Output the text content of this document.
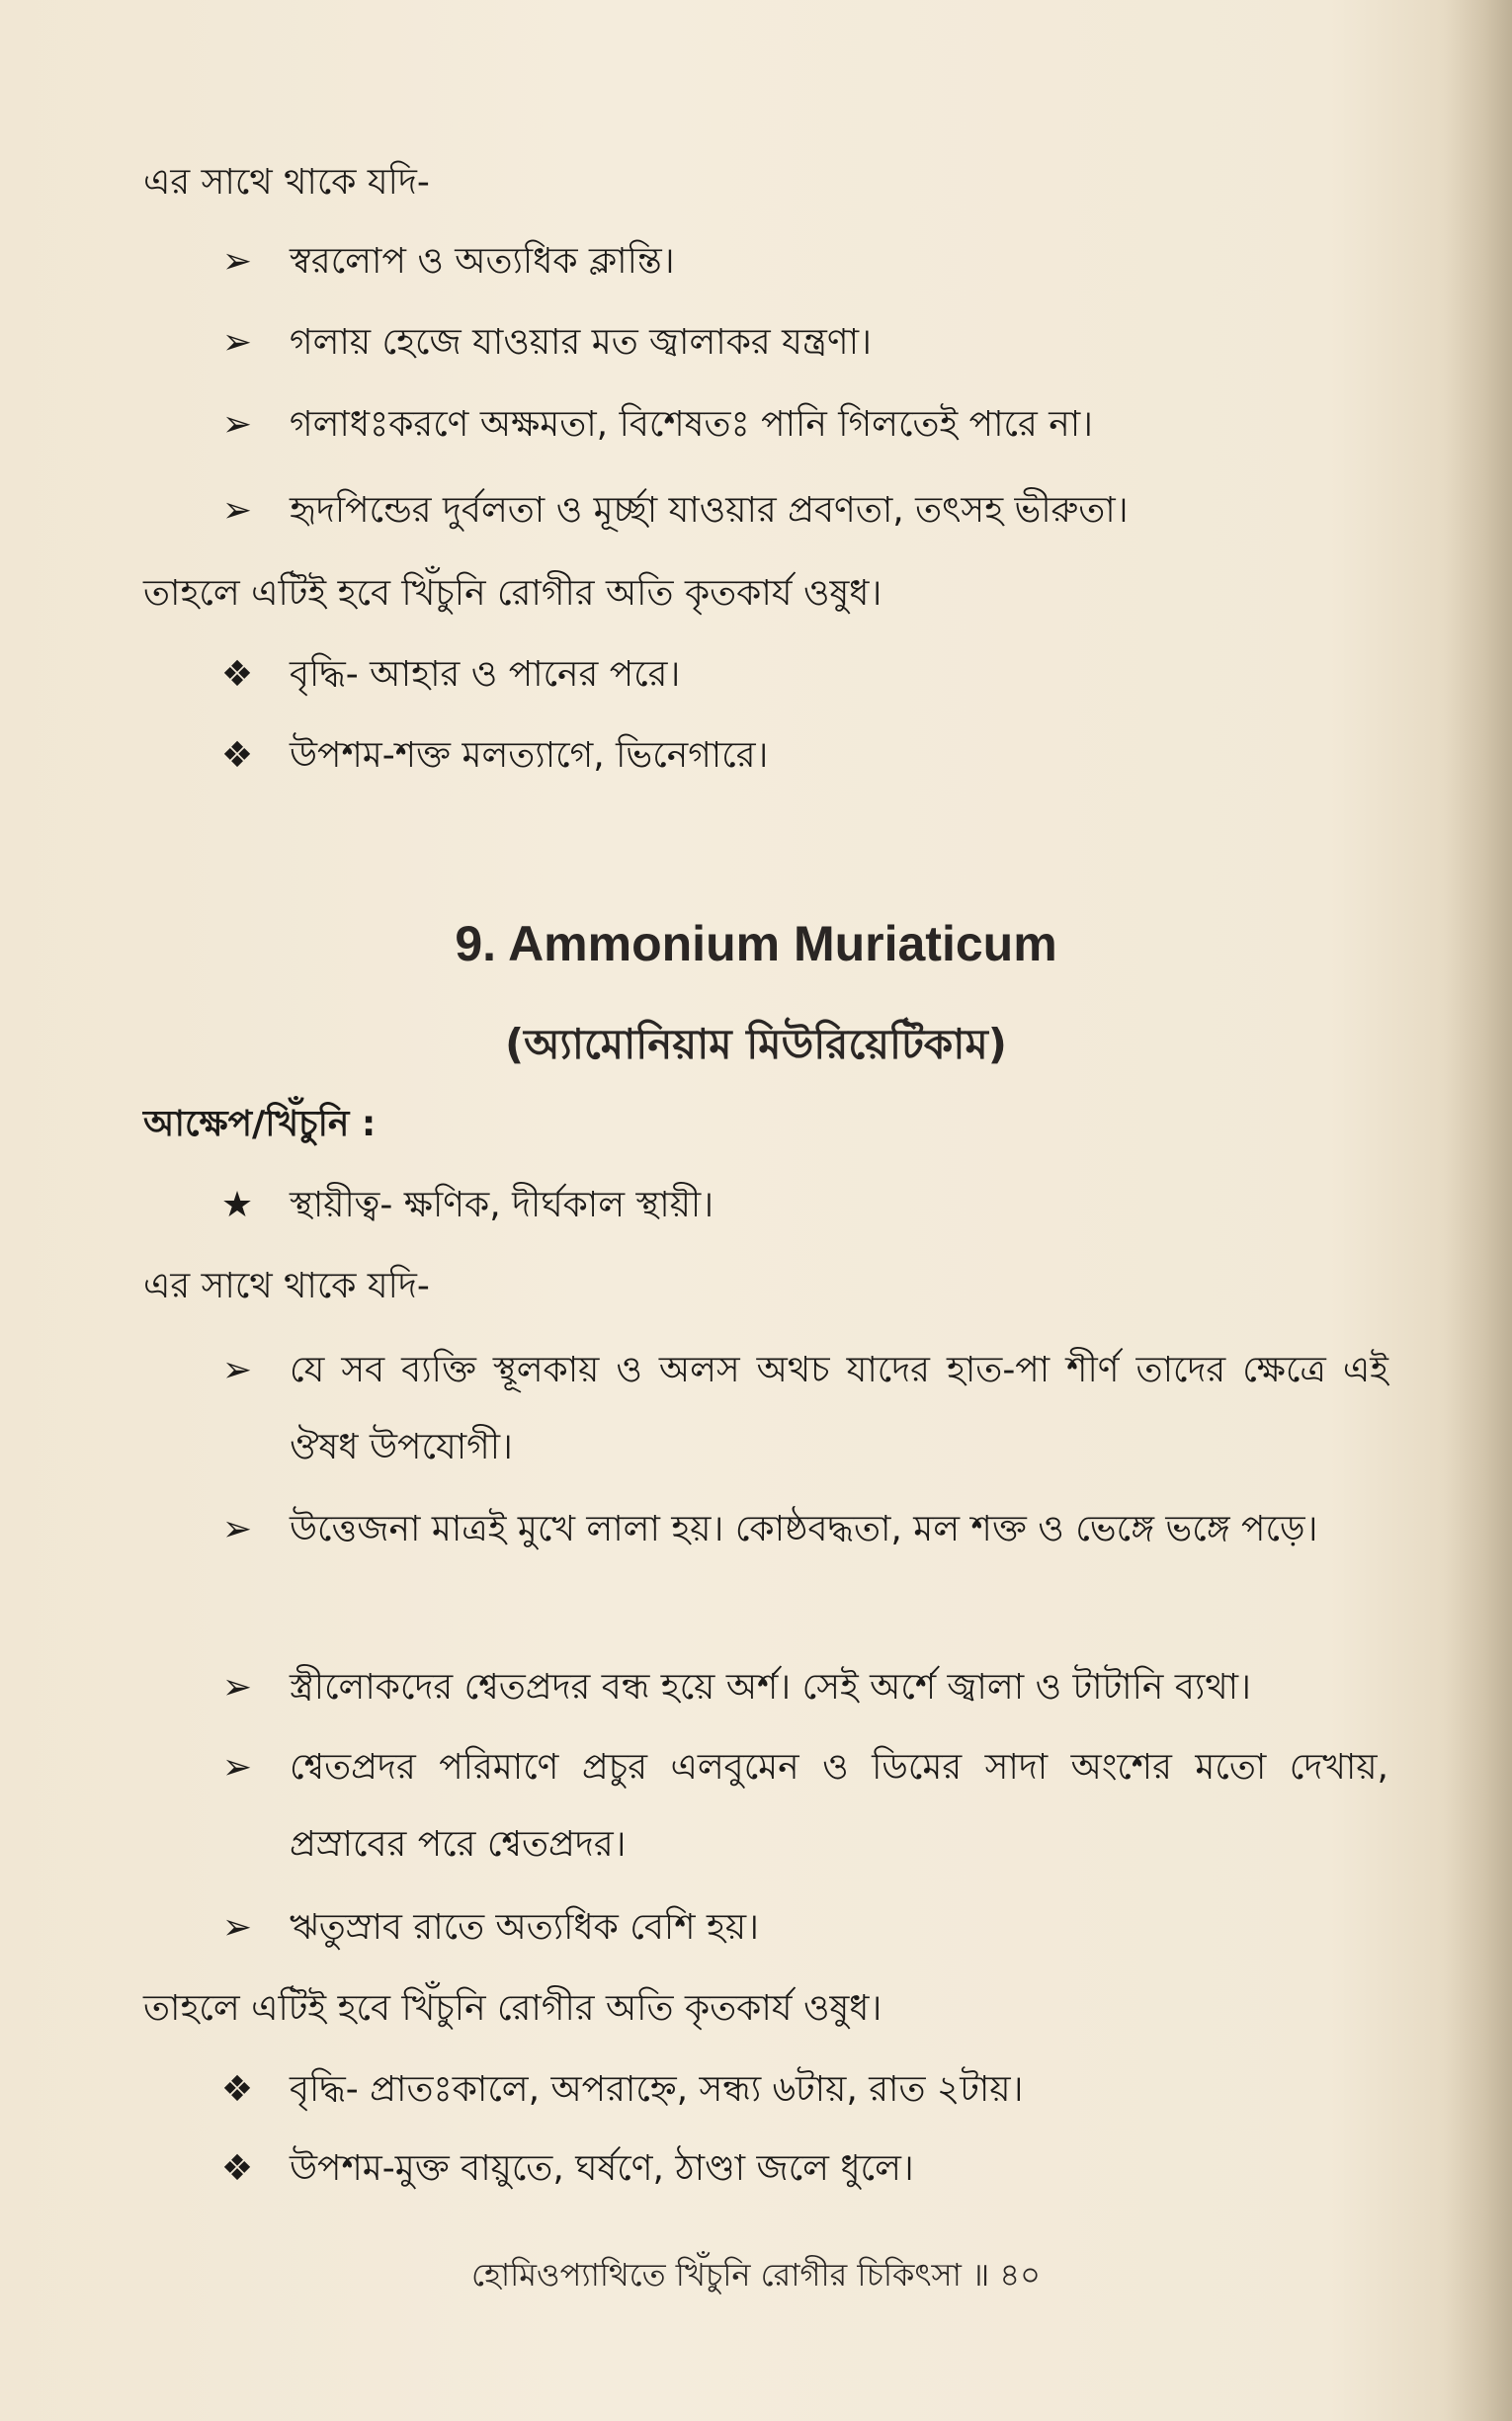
এর সাথে থাকে যদি-
➢ স্বরলোপ ও অত্যধিক ক্লান্তি।
➢ গলায় হেজে যাওয়ার মত জ্বালাকর যন্ত্রণা।
➢ গলাধঃকরণে অক্ষমতা, বিশেষতঃ পানি গিলতেই পারে না।
➢ হৃদপিন্ডের দুর্বলতা ও মূর্চ্ছা যাওয়ার প্রবণতা, তৎসহ ভীরুতা।
তাহলে এটিই হবে খিঁচুনি রোগীর অতি কৃতকার্য ওষুধ।
❖ বৃদ্ধি- আহার ও পানের পরে।
❖ উপশম-শক্ত মলত্যাগে, ভিনেগারে।
9. Ammonium Muriaticum
(অ্যামোনিয়াম মিউরিয়েটিকাম)
আক্ষেপ/খিঁচুনি :
★ স্থায়ীত্ব- ক্ষণিক, দীর্ঘকাল স্থায়ী।
এর সাথে থাকে যদি-
➢ যে সব ব্যক্তি স্থূলকায় ও অলস অথচ যাদের হাত-পা শীর্ণ তাদের ক্ষেত্রে এই ঔষধ উপযোগী।
➢ উত্তেজনা মাত্রই মুখে লালা হয়। কোষ্ঠবদ্ধতা, মল শক্ত ও ভেঙ্গে ভঙ্গে পড়ে।
➢ স্ত্রীলোকদের শ্বেতপ্রদর বন্ধ হয়ে অর্শ। সেই অর্শে জ্বালা ও টাটানি ব্যথা।
➢ শ্বেতপ্রদর পরিমাণে প্রচুর এলবুমেন ও ডিমের সাদা অংশের মতো দেখায়, প্রস্রাবের পরে শ্বেতপ্রদর।
➢ ঋতুস্রাব রাতে অত্যধিক বেশি হয়।
তাহলে এটিই হবে খিঁচুনি রোগীর অতি কৃতকার্য ওষুধ।
❖ বৃদ্ধি- প্রাতঃকালে, অপরাহ্নে, সন্ধ্য ৬টায়, রাত ২টায়।
❖ উপশম-মুক্ত বায়ুতে, ঘর্ষণে, ঠাণ্ডা জলে ধুলে।
হোমিওপ্যাথিতে খিঁচুনি রোগীর চিকিৎসা ॥ ৪০
